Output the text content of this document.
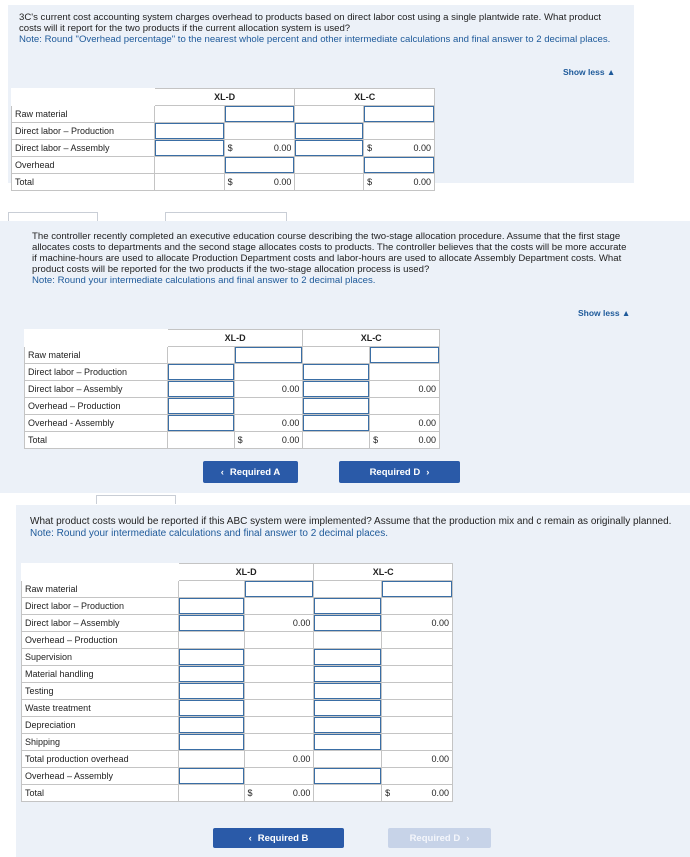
3C's current cost accounting system charges overhead to products based on direct labor cost using a single plantwide rate. What product costs will it report for the two products if the current allocation system is used?
Note: Round "Overhead percentage" to the nearest whole percent and other intermediate calculations and final answer to 2 decimal places.
Show less ▲
	XL-D		XL-C	
Raw material		

Direct labor – Production	

Direct labor – Assembly		$ 0.00		$ 0.00

Overhead		

Total		$ 0.00		$ 0.00
The controller recently completed an executive education course describing the two-stage allocation procedure. Assume that the first stage allocates costs to departments and the second stage allocates costs to products. The controller believes that the costs will be more accurate if machine-hours are used to allocate Production Department costs and labor-hours are used to allocate Assembly Department costs. What product costs will be reported for the two products if the two-stage allocation process is used?
Note: Round your intermediate calculations and final answer to 2 decimal places.
Show less ▲
	XL-D		XL-C	
Raw material		

Direct labor – Production	

Direct labor – Assembly		0.00		0.00

Overhead – Production	

Overhead - Assembly		0.00		0.00

Total		$ 0.00		$ 0.00
‹ Required A	Required D ›
What product costs would be reported if this ABC system were implemented? Assume that the production mix and c remain as originally planned.
Note: Round your intermediate calculations and final answer to 2 decimal places.
	XL-D		XL-C	
Raw material		

Direct labor – Production	

Direct labor – Assembly		0.00		0.00

Overhead – Production				
Supervision	

Material handling	

Testing	

Waste treatment	

Depreciation	

Shipping	

Total production overhead		0.00		0.00

Overhead – Assembly	

Total		$ 0.00		$ 0.00
‹ Required B	Required D ›
